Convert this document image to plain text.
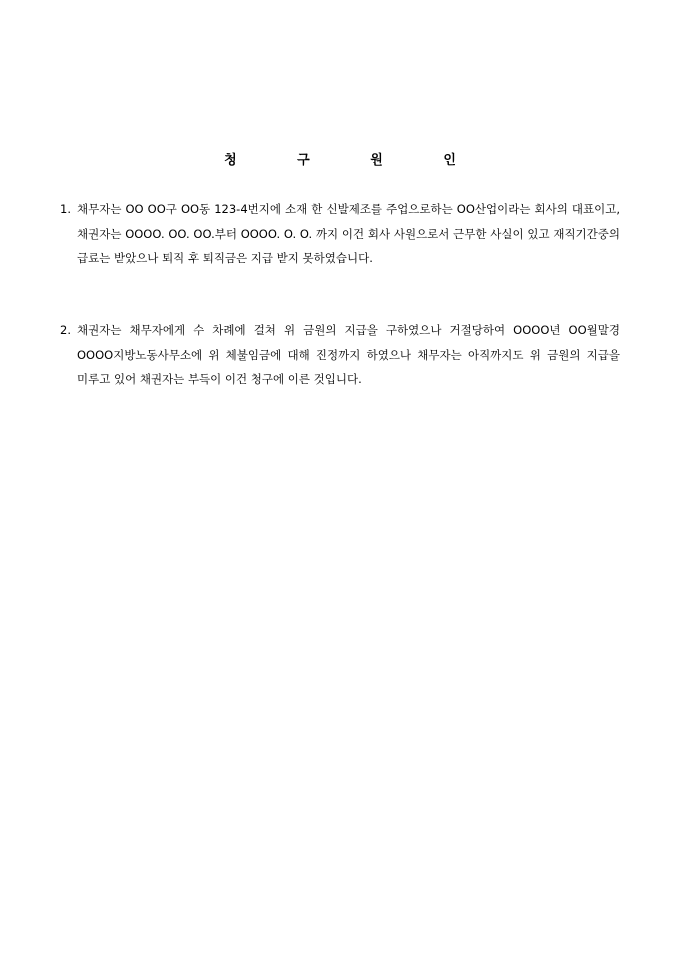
청 구 원 인
1. 채무자는 OO OO구 OO동 123-4번지에 소재 한 신발제조를 주업으로하는 OO산업이라는 회사의 대표이고, 채권자는 OOOO. OO. OO.부터 OOOO. O. O. 까지 이건 회사 사원으로서 근무한 사실이 있고 재직기간중의 급료는 받았으나 퇴직 후 퇴직금은 지급 받지 못하였습니다.
2. 채권자는 채무자에게 수 차례에 걸쳐 위 금원의 지급을 구하였으나 거절당하여 OOOO년 OO월말경 OOOO지방노동사무소에 위 체불임금에 대해 진정까지 하였으나 채무자는 아직까지도 위 금원의 지급을 미루고 있어 채권자는 부득이 이건 청구에 이른 것입니다.
